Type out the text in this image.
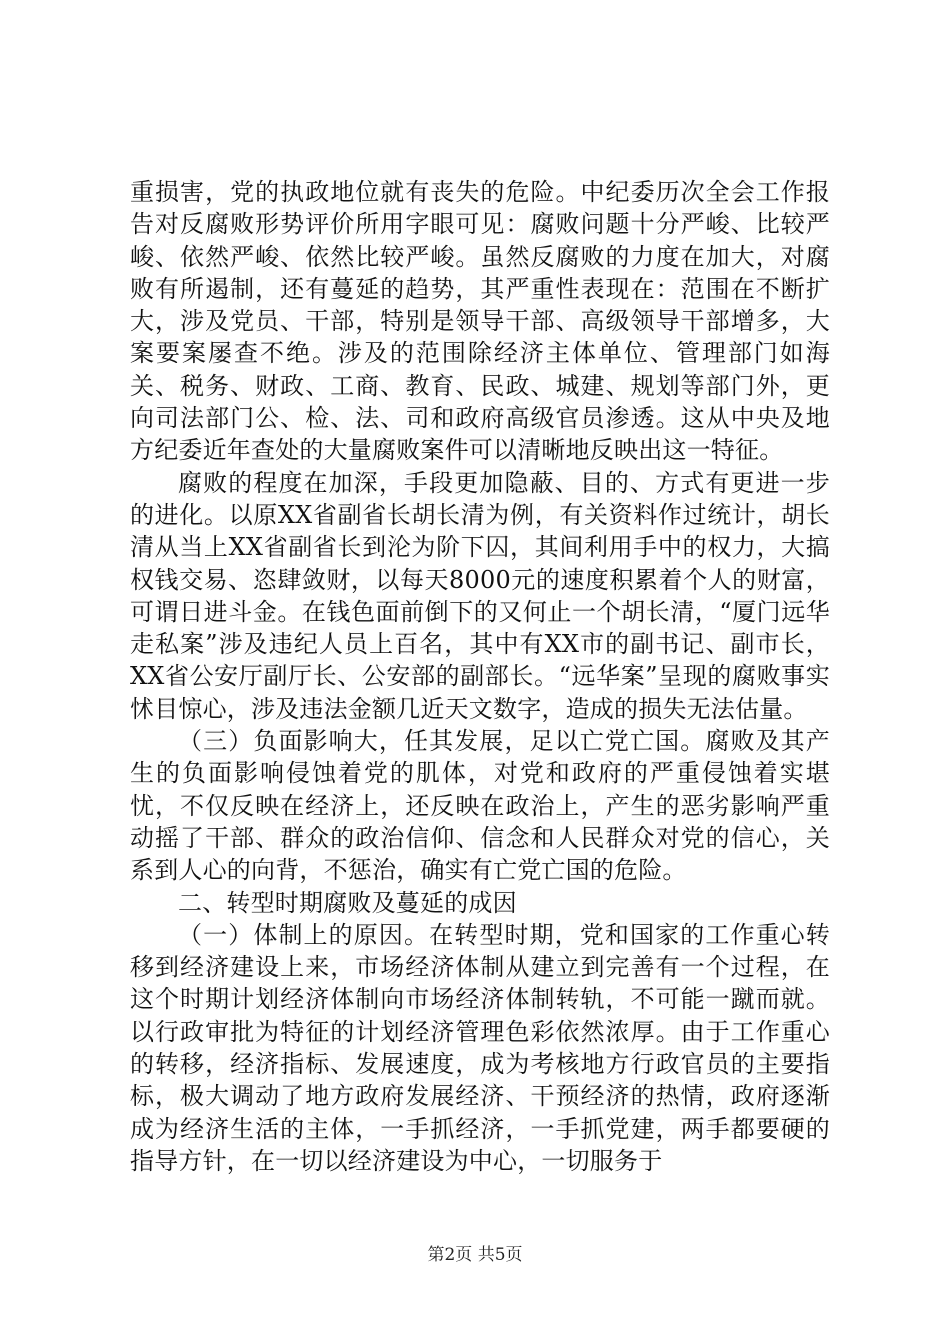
重损害，党的执政地位就有丧失的危险。中纪委历次全会工作报告对反腐败形势评价所用字眼可见：腐败问题十分严峻、比较严峻、依然严峻、依然比较严峻。虽然反腐败的力度在加大，对腐败有所遏制，还有蔓延的趋势，其严重性表现在：范围在不断扩大，涉及党员、干部，特别是领导干部、高级领导干部增多，大案要案屡查不绝。涉及的范围除经济主体单位、管理部门如海关、税务、财政、工商、教育、民政、城建、规划等部门外，更向司法部门公、检、法、司和政府高级官员渗透。这从中央及地方纪委近年查处的大量腐败案件可以清晰地反映出这一特征。

腐败的程度在加深，手段更加隐蔽、目的、方式有更进一步的进化。以原XX省副省长胡长清为例，有关资料作过统计，胡长清从当上XX省副省长到沦为阶下囚，其间利用手中的权力，大搞权钱交易、恣肆敛财，以每天8000元的速度积累着个人的财富，可谓日进斗金。在钱色面前倒下的又何止一个胡长清，“厦门远华走私案”涉及违纪人员上百名，其中有XX市的副书记、副市长，XX省公安厅副厅长、公安部的副部长。“远华案”呈现的腐败事实怵目惊心，涉及违法金额几近天文数字，造成的损失无法估量。

（三）负面影响大，任其发展，足以亡党亡国。腐败及其产生的负面影响侵蚀着党的肌体，对党和政府的严重侵蚀着实堪忧，不仅反映在经济上，还反映在政治上，产生的恶劣影响严重动摇了干部、群众的政治信仰、信念和人民群众对党的信心，关系到人心的向背，不惩治，确实有亡党亡国的危险。

二、转型时期腐败及蔓延的成因

（一）体制上的原因。在转型时期，党和国家的工作重心转移到经济建设上来，市场经济体制从建立到完善有一个过程，在这个时期计划经济体制向市场经济体制转轨，不可能一蹴而就。以行政审批为特征的计划经济管理色彩依然浓厚。由于工作重心的转移，经济指标、发展速度，成为考核地方行政官员的主要指标，极大调动了地方政府发展经济、干预经济的热情，政府逐渐成为经济生活的主体，一手抓经济，一手抓党建，两手都要硬的指导方针，在一切以经济建设为中心，一切服务于

第2页 共5页
